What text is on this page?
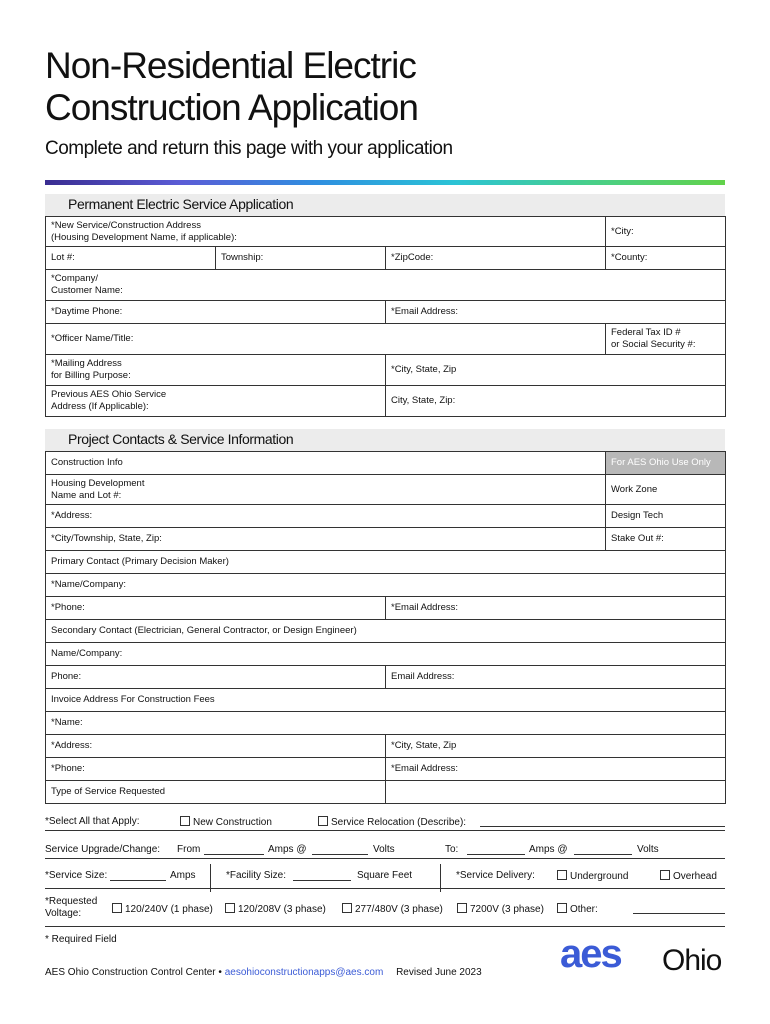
Non-Residential Electric
Construction Application
Complete and return this page with your application
Permanent Electric Service Application
*New Service/Construction Address
(Housing Development Name, if applicable):			*City:
Lot #:	Township:	*ZipCode:	*County:
*Company/
Customer Name:			
*Daytime Phone:		*Email Address:	
*Officer Name/Title:			Federal Tax ID #
or Social Security #:
*Mailing Address
for Billing Purpose:		*City, State, Zip	
Previous AES Ohio Service
Address (If Applicable):		City, State, Zip:	
Project Contacts & Service Information
Construction Info		For AES Ohio Use Only
Housing Development
Name and Lot #:		Work Zone
*Address:		Design Tech
*City/Township, State, Zip:		Stake Out #:
Primary Contact (Primary Decision Maker)		
*Name/Company:		
*Phone:	*Email Address:	
Secondary Contact (Electrician, General Contractor, or Design Engineer)		
Name/Company:		
Phone:	Email Address:	
Invoice Address For Construction Fees		
*Name:		
*Address:	*City, State, Zip	
*Phone:	*Email Address:	
Type of Service Requested		
*Select All that Apply:	New Construction	Service Relocation (Describe):
Service Upgrade/Change: From	Amps @	Volts	To:	Amps @	Volts
*Service Size:	Amps	*Facility Size:	Square Feet	*Service Delivery:	Underground	Overhead
*Requested
Voltage:	120/240V (1 phase)	120/208V (3 phase)	277/480V (3 phase)	7200V (3 phase)	Other:
* Required Field
AES Ohio Construction Control Center • aesohioconstructionapps@aes.com Revised June 2023 aes Ohio
